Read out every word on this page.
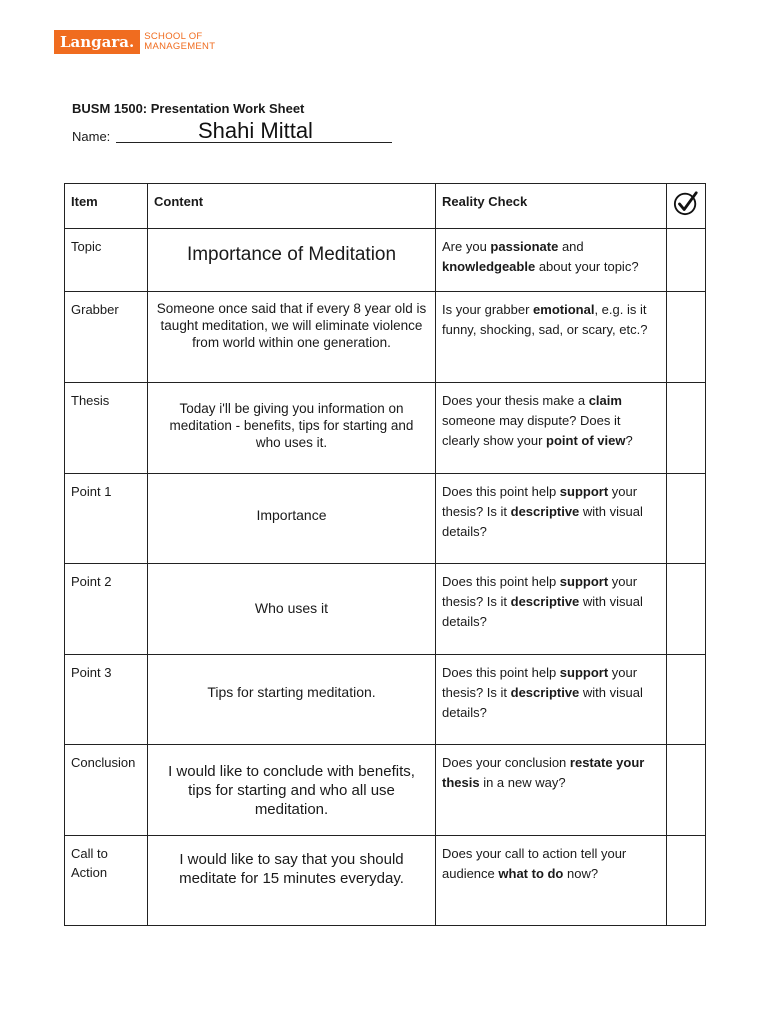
Langara.	SCHOOL OF
MANAGEMENT
BUSM 1500: Presentation Work Sheet
Name:	Shahi Mittal
Item	Content	Reality Check	
Topic	Importance of Meditation	Are you passionate and knowledgeable about your topic?	
Grabber	Someone once said that if every 8 year old is taught meditation, we will eliminate violence from world within one generation.	Is your grabber emotional, e.g. is it funny, shocking, sad, or scary, etc.?	
Thesis	Today i'll be giving you information on meditation - benefits, tips for starting and who uses it.	Does your thesis make a claim someone may dispute? Does it clearly show your point of view?	
Point 1	Importance	Does this point help support your thesis? Is it descriptive with visual details?	
Point 2	Who uses it	Does this point help support your thesis? Is it descriptive with visual details?	
Point 3	Tips for starting meditation.	Does this point help support your thesis? Is it descriptive with visual details?	
Conclusion	I would like to conclude with benefits, tips for starting and who all use meditation.	Does your conclusion restate your thesis in a new way?	
Call to Action	I would like to say that you should meditate for 15 minutes everyday.	Does your call to action tell your audience what to do now?	
